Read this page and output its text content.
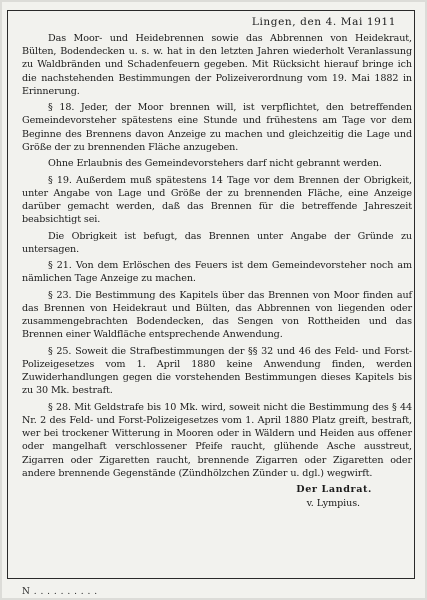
Lingen, den 4. Mai 1911

Das Moor- und Heidebrennen sowie das Abbrennen von Heidekraut, Bülten, Bodendecken u. s. w. hat in den letzten Jahren wiederholt Veranlassung zu Waldbränden und Schadenfeuern gegeben. Mit Rücksicht hierauf bringe ich die nachstehenden Bestimmungen der Polizeiverordnung vom 19. Mai 1882 in Erinnerung.

§ 18. Jeder, der Moor brennen will, ist verpflichtet, den betreffenden Gemeindevorsteher spätestens eine Stunde und frühestens am Tage vor dem Beginne des Brennens davon Anzeige zu machen und gleichzeitig die Lage und Größe der zu brennenden Fläche anzugeben.

Ohne Erlaubnis des Gemeindevorstehers darf nicht gebrannt werden.

§ 19. Außerdem muß spätestens 14 Tage vor dem Brennen der Obrigkeit, unter Angabe von Lage und Größe der zu brennenden Fläche, eine Anzeige darüber gemacht werden, daß das Brennen für die betreffende Jahreszeit beabsichtigt sei.

Die Obrigkeit ist befugt, das Brennen unter Angabe der Gründe zu untersagen.

§ 21. Von dem Erlöschen des Feuers ist dem Gemeindevorsteher noch am nämlichen Tage Anzeige zu machen.

§ 23. Die Bestimmung des Kapitels über das Brennen von Moor finden auf das Brennen von Heidekraut und Bülten, das Abbrennen von liegenden oder zusammengebrachten Bodendecken, das Sengen von Rottheiden und das Brennen einer Waldfläche entsprechende Anwendung.

§ 25. Soweit die Strafbestimmungen der §§ 32 und 46 des Feld- und Forst-Polizeigesetzes vom 1. April 1880 keine Anwendung finden, werden Zuwiderhandlungen gegen die vorstehenden Bestimmungen dieses Kapitels bis zu 30 Mk. bestraft.

§ 28. Mit Geldstrafe bis 10 Mk. wird, soweit nicht die Bestimmung des § 44 Nr. 2 des Feld- und Forst-Polizeigesetzes vom 1. April 1880 Platz greift, bestraft, wer bei trockener Witterung in Mooren oder in Wäldern und Heiden aus offener oder mangelhaft verschlossener Pfeife raucht, glühende Asche ausstreut, Zigarren oder Zigaretten raucht, brennende Zigarren oder Zigaretten oder andere brennende Gegenstände (Zündhölzchen Zünder u. dgl.) wegwirft.

Der Landrat.
v. Lympius.
N . . . . . . . . . .
